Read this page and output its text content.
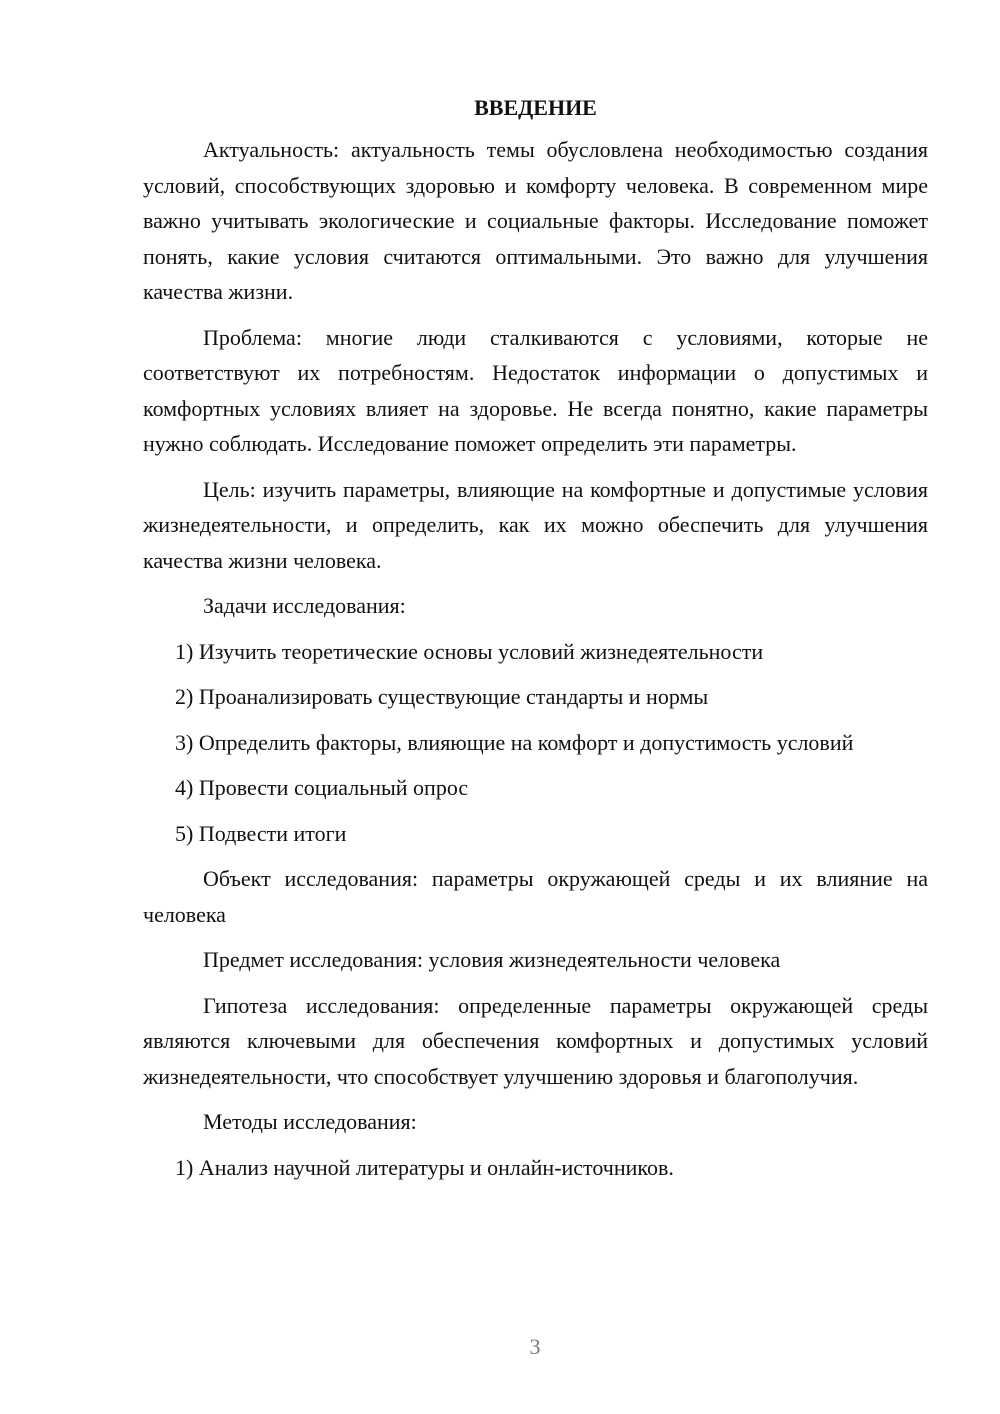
ВВЕДЕНИЕ

Актуальность: актуальность темы обусловлена необходимостью создания условий, способствующих здоровью и комфорту человека. В современном мире важно учитывать экологические и социальные факторы. Исследование поможет понять, какие условия считаются оптимальными. Это важно для улучшения качества жизни.

Проблема: многие люди сталкиваются с условиями, которые не соответствуют их потребностям. Недостаток информации о допустимых и комфортных условиях влияет на здоровье. Не всегда понятно, какие параметры нужно соблюдать. Исследование поможет определить эти параметры.

Цель: изучить параметры, влияющие на комфортные и допустимые условия жизнедеятельности, и определить, как их можно обеспечить для улучшения качества жизни человека.

Задачи исследования:

1) Изучить теоретические основы условий жизнедеятельности

2) Проанализировать существующие стандарты и нормы

3) Определить факторы, влияющие на комфорт и допустимость условий

4) Провести социальный опрос

5) Подвести итоги

Объект исследования: параметры окружающей среды и их влияние на человека

Предмет исследования: условия жизнедеятельности человека

Гипотеза исследования: определенные параметры окружающей среды являются ключевыми для обеспечения комфортных и допустимых условий жизнедеятельности, что способствует улучшению здоровья и благополучия.

Методы исследования:

1) Анализ научной литературы и онлайн-источников.

3
